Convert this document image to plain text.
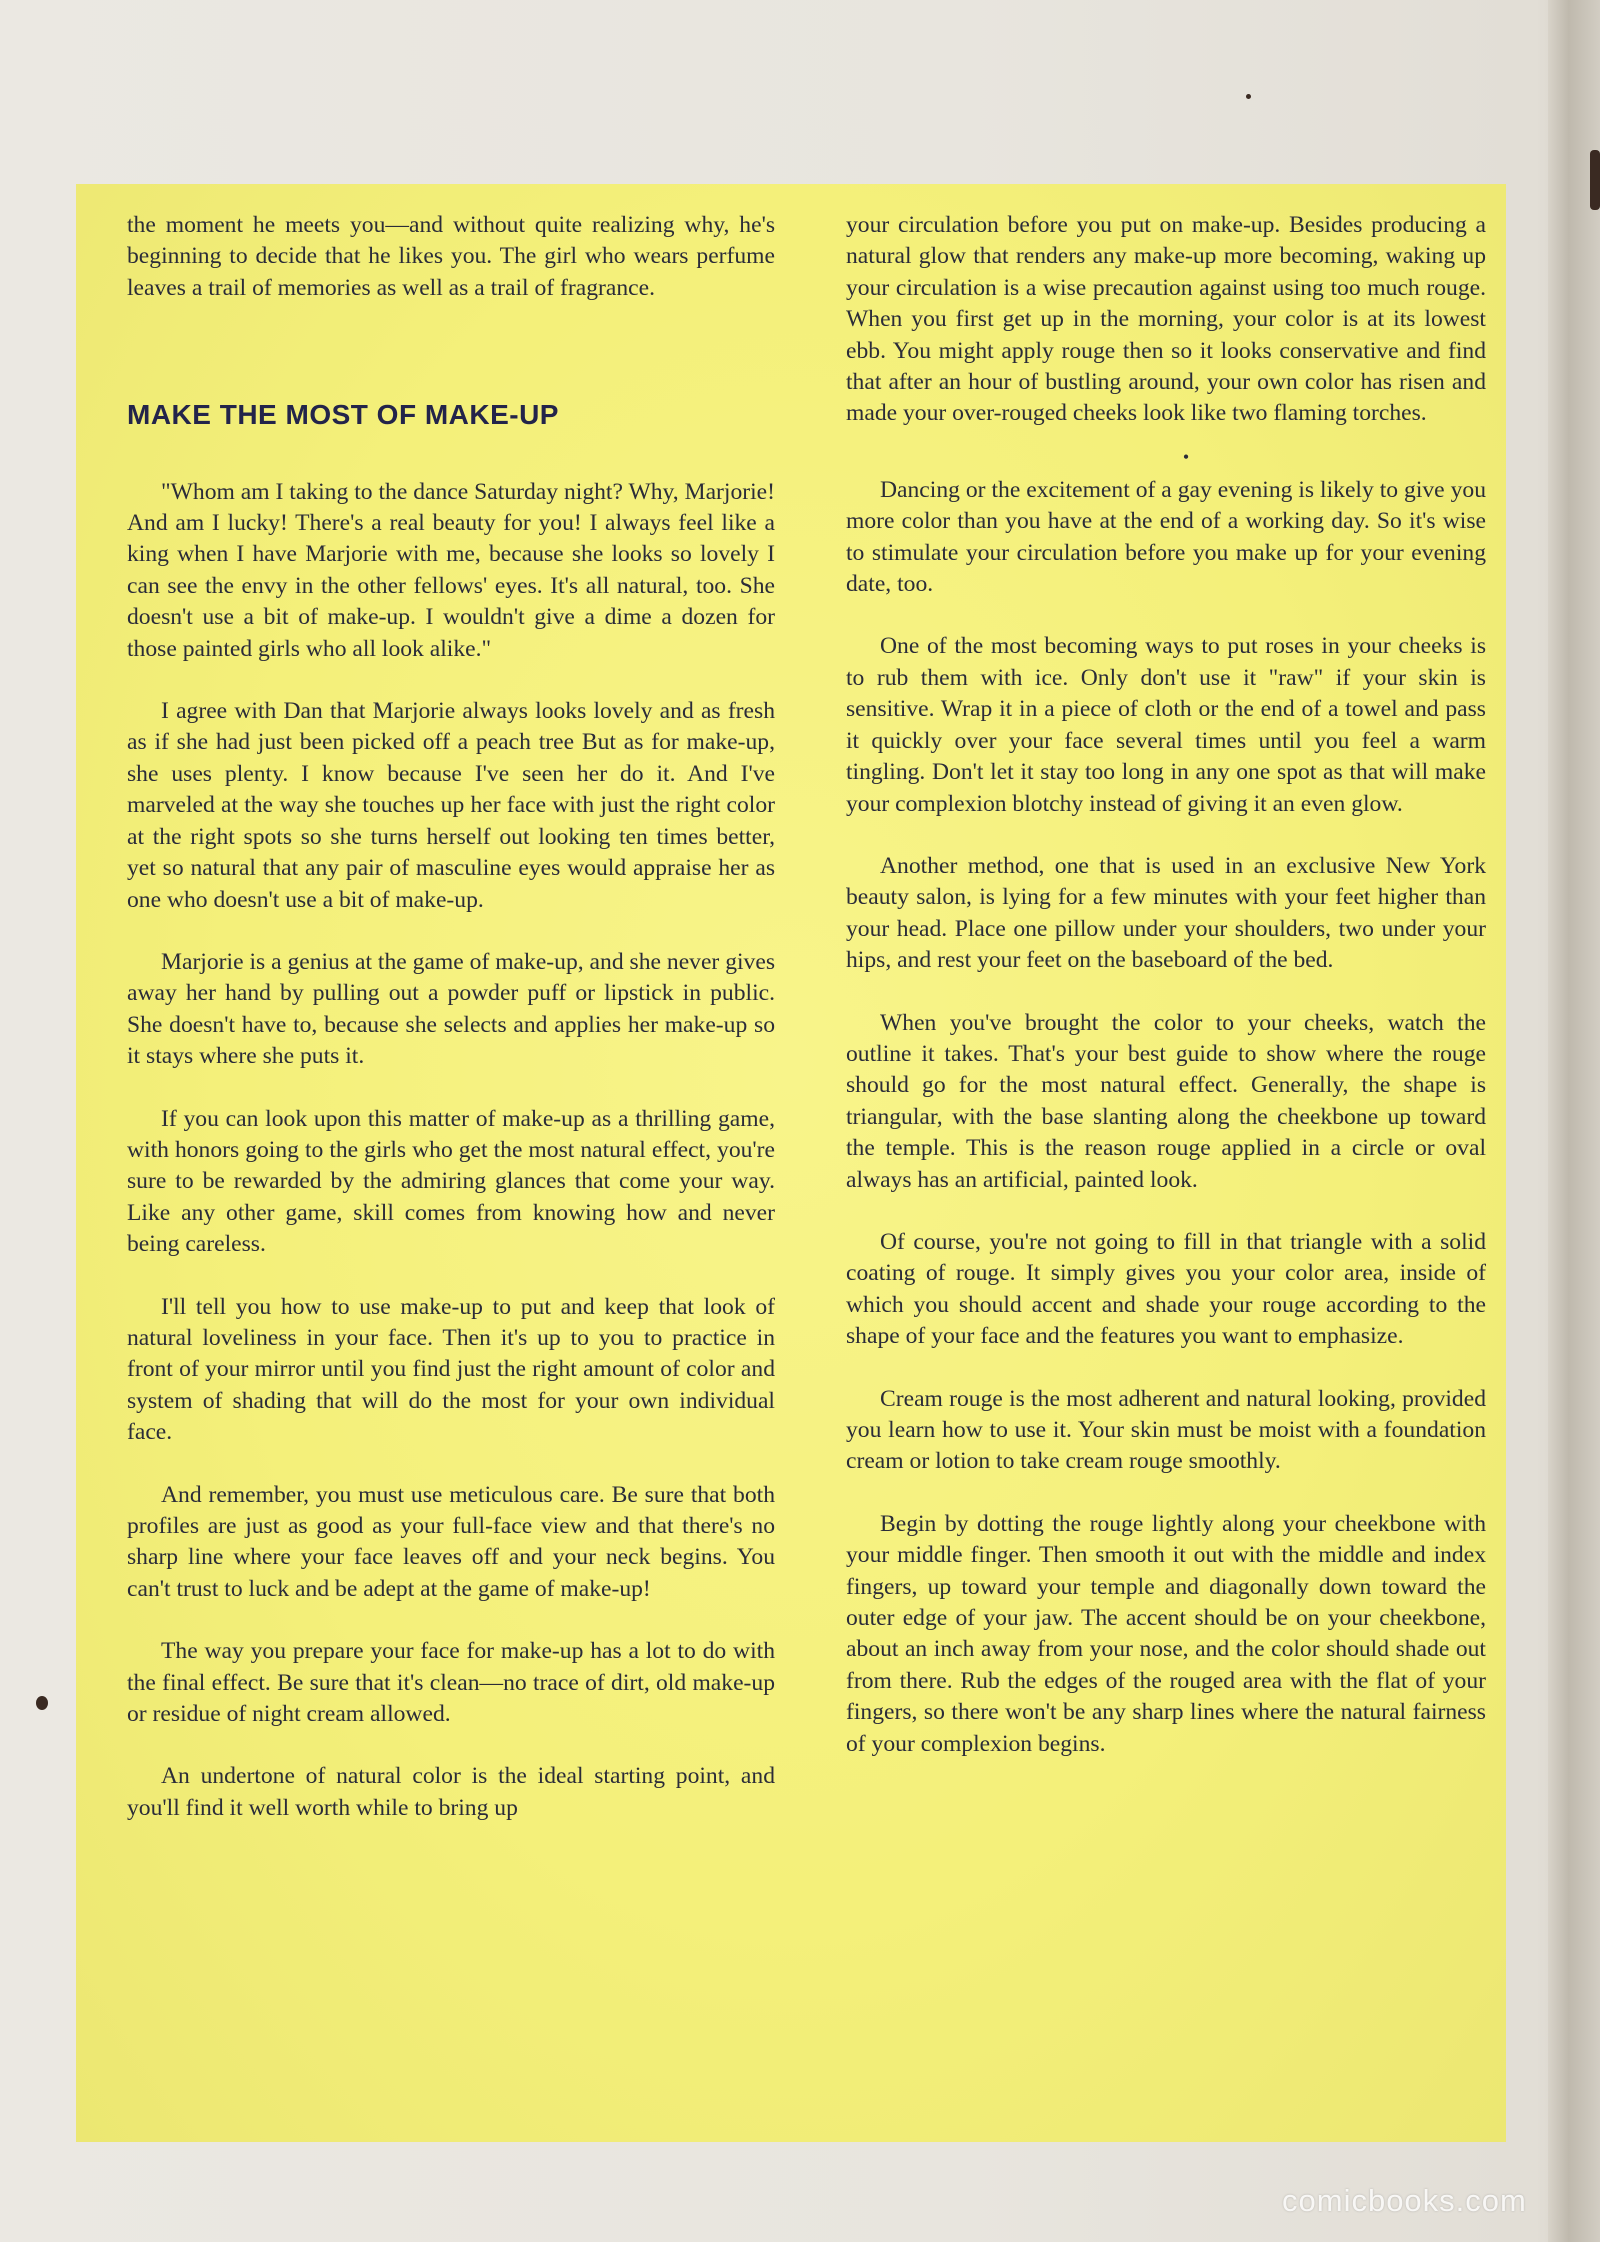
the moment he meets you—and without quite realizing why, he's beginning to decide that he likes you. The girl who wears perfume leaves a trail of memories as well as a trail of fragrance.

MAKE THE MOST OF MAKE-UP

"Whom am I taking to the dance Saturday night? Why, Marjorie! And am I lucky! There's a real beauty for you! I always feel like a king when I have Marjorie with me, because she looks so lovely I can see the envy in the other fellows' eyes. It's all natural, too. She doesn't use a bit of make-up. I wouldn't give a dime a dozen for those painted girls who all look alike."

I agree with Dan that Marjorie always looks lovely and as fresh as if she had just been picked off a peach tree But as for make-up, she uses plenty. I know because I've seen her do it. And I've marveled at the way she touches up her face with just the right color at the right spots so she turns herself out looking ten times better, yet so natural that any pair of masculine eyes would appraise her as one who doesn't use a bit of make-up.

Marjorie is a genius at the game of make-up, and she never gives away her hand by pulling out a powder puff or lipstick in public. She doesn't have to, because she selects and applies her make-up so it stays where she puts it.

If you can look upon this matter of make-up as a thrilling game, with honors going to the girls who get the most natural effect, you're sure to be rewarded by the admiring glances that come your way. Like any other game, skill comes from knowing how and never being careless.

I'll tell you how to use make-up to put and keep that look of natural loveliness in your face. Then it's up to you to practice in front of your mirror until you find just the right amount of color and system of shading that will do the most for your own individual face.

And remember, you must use meticulous care. Be sure that both profiles are just as good as your full-face view and that there's no sharp line where your face leaves off and your neck begins. You can't trust to luck and be adept at the game of make-up!

The way you prepare your face for make-up has a lot to do with the final effect. Be sure that it's clean—no trace of dirt, old make-up or residue of night cream allowed.

An undertone of natural color is the ideal starting point, and you'll find it well worth while to bring up

your circulation before you put on make-up. Besides producing a natural glow that renders any make-up more becoming, waking up your circulation is a wise precaution against using too much rouge. When you first get up in the morning, your color is at its lowest ebb. You might apply rouge then so it looks conservative and find that after an hour of bustling around, your own color has risen and made your over-rouged cheeks look like two flaming torches.

•

Dancing or the excitement of a gay evening is likely to give you more color than you have at the end of a working day. So it's wise to stimulate your circulation before you make up for your evening date, too.

One of the most becoming ways to put roses in your cheeks is to rub them with ice. Only don't use it "raw" if your skin is sensitive. Wrap it in a piece of cloth or the end of a towel and pass it quickly over your face several times until you feel a warm tingling. Don't let it stay too long in any one spot as that will make your complexion blotchy instead of giving it an even glow.

Another method, one that is used in an exclusive New York beauty salon, is lying for a few minutes with your feet higher than your head. Place one pillow under your shoulders, two under your hips, and rest your feet on the baseboard of the bed.

When you've brought the color to your cheeks, watch the outline it takes. That's your best guide to show where the rouge should go for the most natural effect. Generally, the shape is triangular, with the base slanting along the cheekbone up toward the temple. This is the reason rouge applied in a circle or oval always has an artificial, painted look.

Of course, you're not going to fill in that triangle with a solid coating of rouge. It simply gives you your color area, inside of which you should accent and shade your rouge according to the shape of your face and the features you want to emphasize.

Cream rouge is the most adherent and natural looking, provided you learn how to use it. Your skin must be moist with a foundation cream or lotion to take cream rouge smoothly.

Begin by dotting the rouge lightly along your cheekbone with your middle finger. Then smooth it out with the middle and index fingers, up toward your temple and diagonally down toward the outer edge of your jaw. The accent should be on your cheekbone, about an inch away from your nose, and the color should shade out from there. Rub the edges of the rouged area with the flat of your fingers, so there won't be any sharp lines where the natural fairness of your complexion begins.

comicbooks.com
